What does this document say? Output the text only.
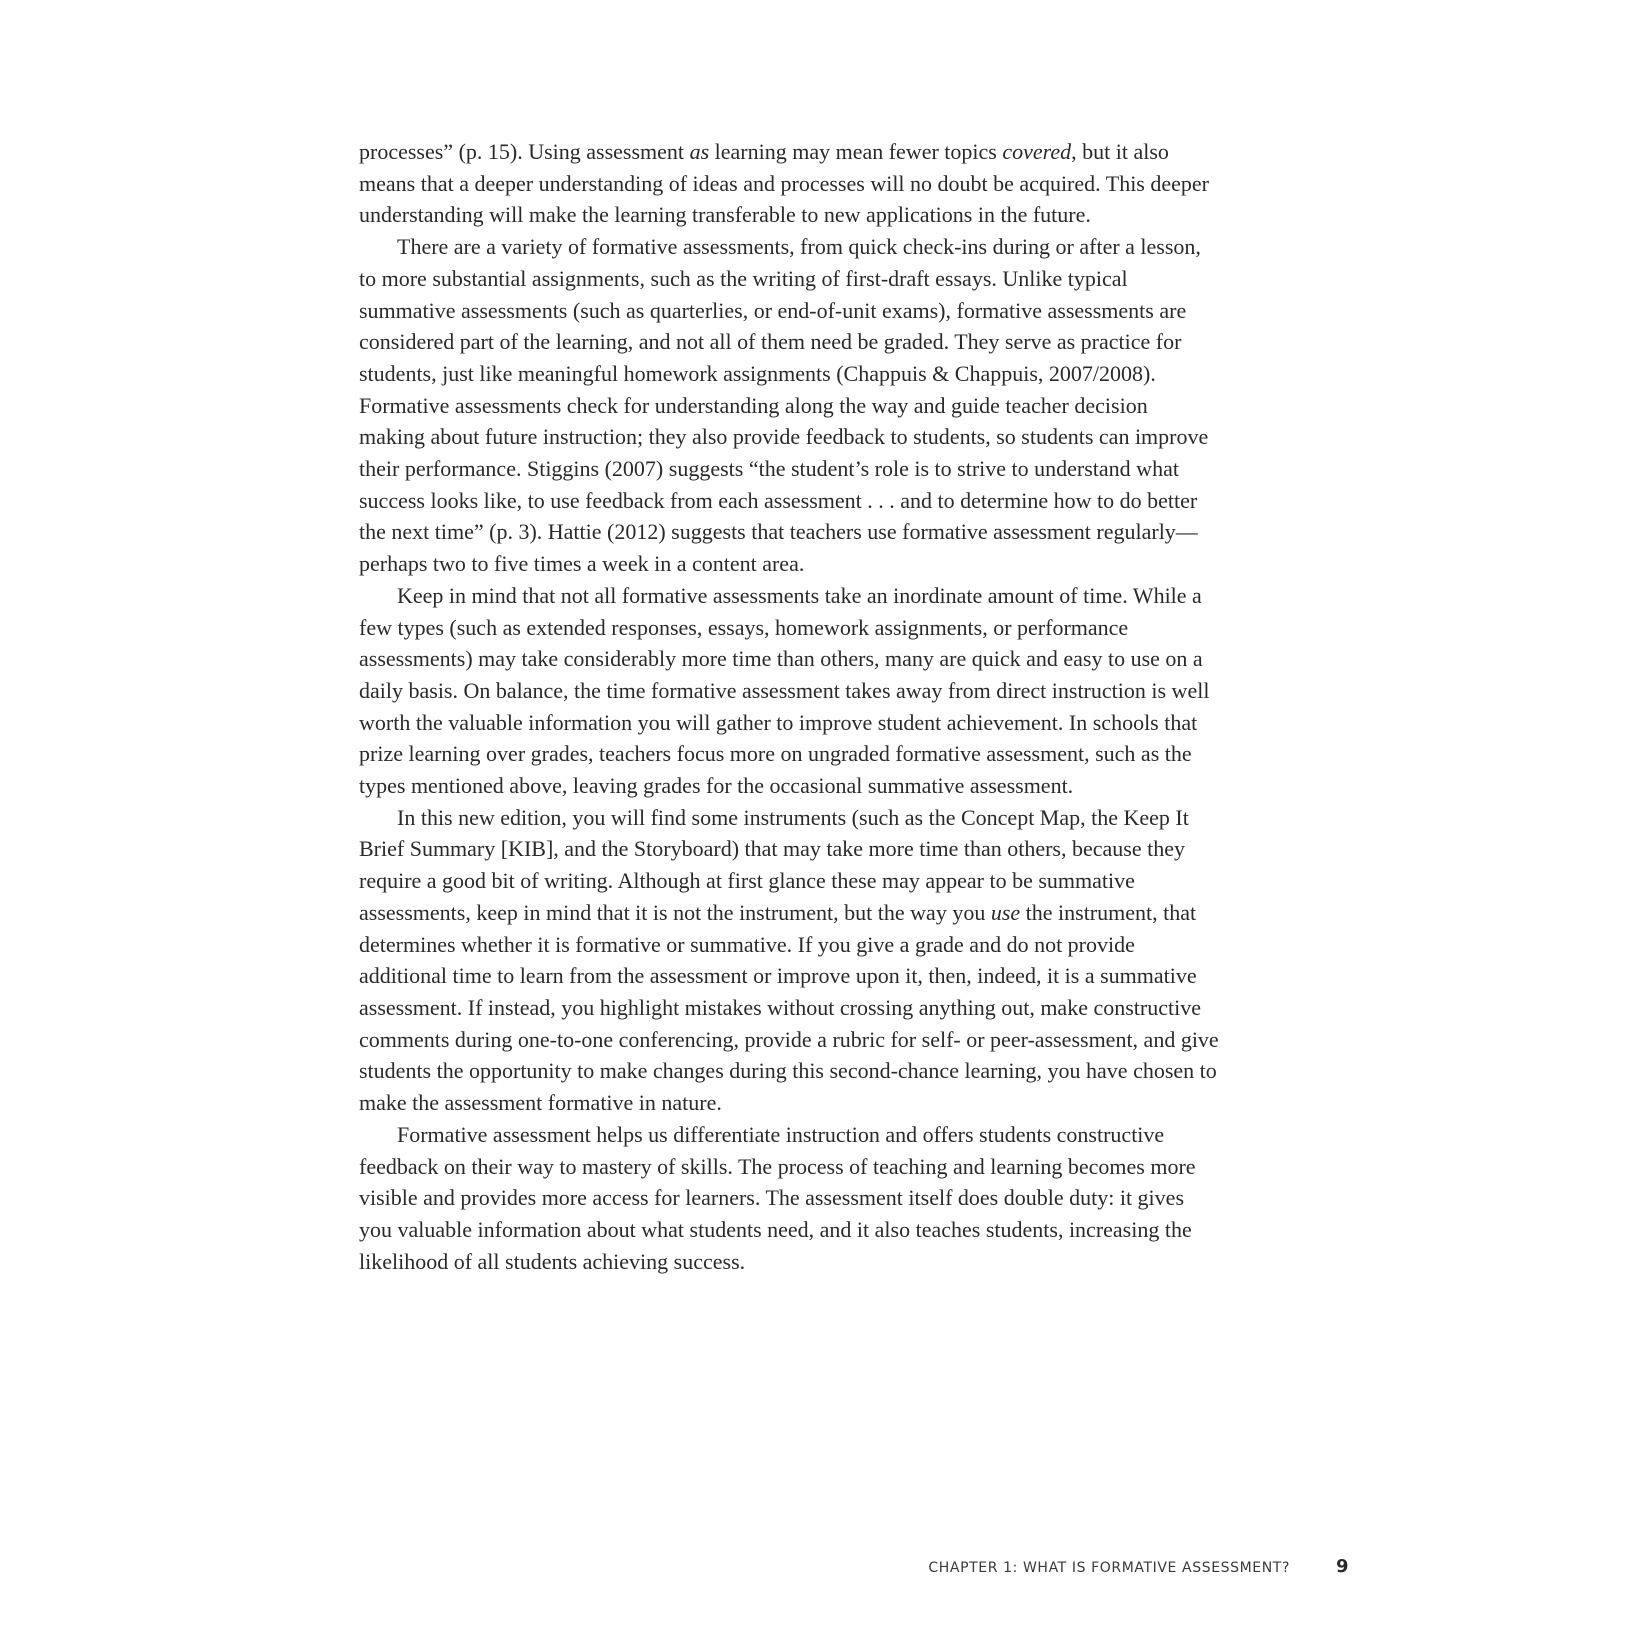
processes” (p. 15). Using assessment as learning may mean fewer topics covered, but it also means that a deeper understanding of ideas and processes will no doubt be acquired. This deeper understanding will make the learning transferable to new applications in the future.

There are a variety of formative assessments, from quick check-ins during or after a lesson, to more substantial assignments, such as the writing of first-draft essays. Unlike typical summative assessments (such as quarterlies, or end-of-unit exams), formative assessments are considered part of the learning, and not all of them need be graded. They serve as practice for students, just like meaningful homework assignments (Chappuis & Chappuis, 2007/2008). Formative assessments check for understanding along the way and guide teacher decision making about future instruction; they also provide feedback to students, so students can improve their performance. Stiggins (2007) suggests “the student’s role is to strive to understand what success looks like, to use feedback from each assessment . . . and to determine how to do better the next time” (p. 3). Hattie (2012) suggests that teachers use formative assessment regularly—perhaps two to five times a week in a content area.

Keep in mind that not all formative assessments take an inordinate amount of time. While a few types (such as extended responses, essays, homework assignments, or performance assessments) may take considerably more time than others, many are quick and easy to use on a daily basis. On balance, the time formative assessment takes away from direct instruction is well worth the valuable information you will gather to improve student achievement. In schools that prize learning over grades, teachers focus more on ungraded formative assessment, such as the types mentioned above, leaving grades for the occasional summative assessment.

In this new edition, you will find some instruments (such as the Concept Map, the Keep It Brief Summary [KIB], and the Storyboard) that may take more time than others, because they require a good bit of writing. Although at first glance these may appear to be summative assessments, keep in mind that it is not the instrument, but the way you use the instrument, that determines whether it is formative or summative. If you give a grade and do not provide additional time to learn from the assessment or improve upon it, then, indeed, it is a summative assessment. If instead, you highlight mistakes without crossing anything out, make constructive comments during one-to-one conferencing, provide a rubric for self- or peer-assessment, and give students the opportunity to make changes during this second-chance learning, you have chosen to make the assessment formative in nature.

Formative assessment helps us differentiate instruction and offers students constructive feedback on their way to mastery of skills. The process of teaching and learning becomes more visible and provides more access for learners. The assessment itself does double duty: it gives you valuable information about what students need, and it also teaches students, increasing the likelihood of all students achieving success.

CHAPTER 1: WHAT IS FORMATIVE ASSESSMENT?	9
